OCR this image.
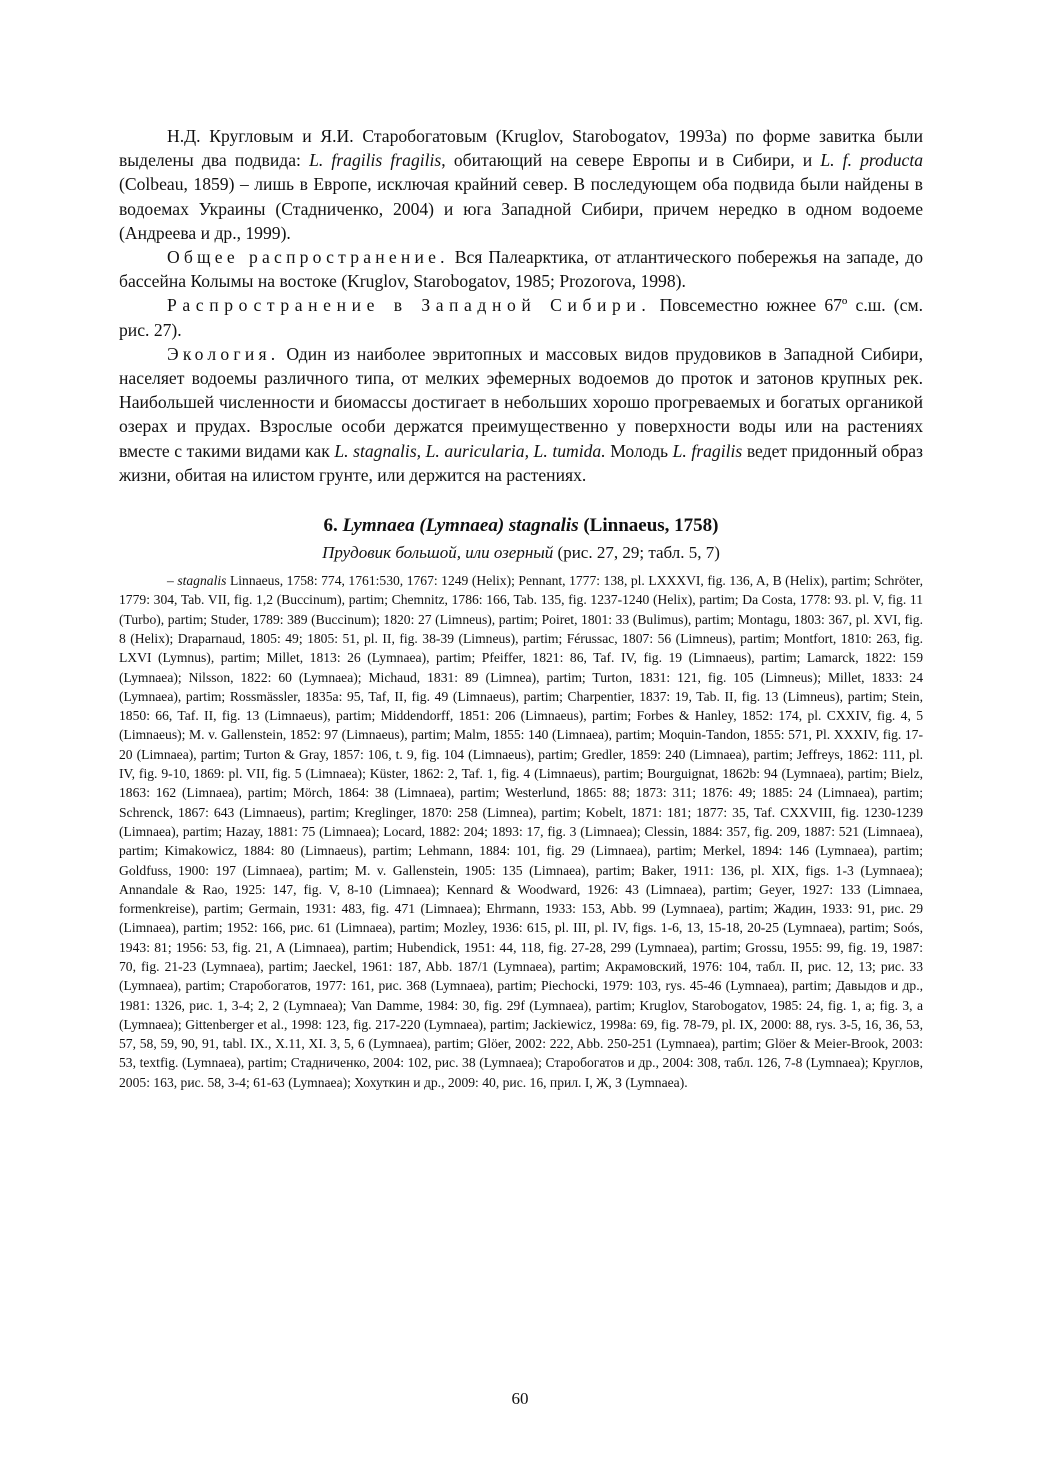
Н.Д. Кругловым и Я.И. Старобогатовым (Kruglov, Starobogatov, 1993a) по форме завитка были выделены два подвида: L. fragilis fragilis, обитающий на севере Европы и в Сибири, и L. f. producta (Colbeau, 1859) – лишь в Европе, исключая крайний север. В последующем оба подвида были найдены в водоемах Украины (Стадниченко, 2004) и юга Западной Сибири, причем нередко в одном водоеме (Андреева и др., 1999).

Общее распространение. Вся Палеарктика, от атлантического побережья на западе, до бассейна Колымы на востоке (Kruglov, Starobogatov, 1985; Prozorova, 1998).

Распространение в Западной Сибири. Повсеместно южнее 67º с.ш. (см. рис. 27).

Экология. Один из наиболее эвритопных и массовых видов прудовиков в Западной Сибири, населяет водоемы различного типа, от мелких эфемерных водоемов до проток и затонов крупных рек. Наибольшей численности и биомассы достигает в небольших хорошо прогреваемых и богатых органикой озерах и прудах. Взрослые особи держатся преимущественно у поверхности воды или на растениях вместе с такими видами как L. stagnalis, L. auricularia, L. tumida. Молодь L. fragilis ведет придонный образ жизни, обитая на илистом грунте, или держится на растениях.

6. Lymnaea (Lymnaea) stagnalis (Linnaeus, 1758)
Прудовик большой, или озерный (рис. 27, 29; табл. 5, 7)

– stagnalis Linnaeus, 1758: 774, 1761:530, 1767: 1249 (Helix); Pennant, 1777: 138, pl. LXXXVI, fig. 136, A, B (Helix), partim; Schröter, 1779: 304, Tab. VII, fig. 1,2 (Buccinum), partim; Chemnitz, 1786: 166, Tab. 135, fig. 1237-1240 (Helix), partim; Da Costa, 1778: 93. pl. V, fig. 11 (Turbo), partim; Studer, 1789: 389 (Buccinum); 1820: 27 (Limneus), partim; Poiret, 1801: 33 (Bulimus), partim; Montagu, 1803: 367, pl. XVI, fig. 8 (Helix); Draparnaud, 1805: 49; 1805: 51, pl. II, fig. 38-39 (Limneus), partim; Férussac, 1807: 56 (Limneus), partim; Montfort, 1810: 263, fig. LXVI (Lymnus), partim; Millet, 1813: 26 (Lymnaea), partim; Pfeiffer, 1821: 86, Taf. IV, fig. 19 (Limnaeus), partim; Lamarck, 1822: 159 (Lymnaea); Nilsson, 1822: 60 (Lymnaea); Michaud, 1831: 89 (Limnea), partim; Turton, 1831: 121, fig. 105 (Limneus); Millet, 1833: 24 (Lymnaea), partim; Rossmässler, 1835a: 95, Taf, II, fig. 49 (Limnaeus), partim; Charpentier, 1837: 19, Tab. II, fig. 13 (Limneus), partim; Stein, 1850: 66, Taf. II, fig. 13 (Limnaeus), partim; Middendorff, 1851: 206 (Limnaeus), partim; Forbes & Hanley, 1852: 174, pl. CXXIV, fig. 4, 5 (Limnaeus); M. v. Gallenstein, 1852: 97 (Limnaeus), partim; Malm, 1855: 140 (Limnaea), partim; Moquin-Tandon, 1855: 571, Pl. XXXIV, fig. 17-20 (Limnaea), partim; Turton & Gray, 1857: 106, t. 9, fig. 104 (Limnaeus), partim; Gredler, 1859: 240 (Limnaea), partim; Jeffreys, 1862: 111, pl. IV, fig. 9-10, 1869: pl. VII, fig. 5 (Limnaea); Küster, 1862: 2, Taf. 1, fig. 4 (Limnaeus), partim; Bourguignat, 1862b: 94 (Lymnaea), partim; Bielz, 1863: 162 (Limnaea), partim; Mörch, 1864: 38 (Limnaea), partim; Westerlund, 1865: 88; 1873: 311; 1876: 49; 1885: 24 (Limnaea), partim; Schrenck, 1867: 643 (Limnaeus), partim; Kreglinger, 1870: 258 (Limnea), partim; Kobelt, 1871: 181; 1877: 35, Taf. CXXVIII, fig. 1230-1239 (Limnaea), partim; Hazay, 1881: 75 (Limnaea); Locard, 1882: 204; 1893: 17, fig. 3 (Limnaea); Clessin, 1884: 357, fig. 209, 1887: 521 (Limnaea), partim; Kimakowicz, 1884: 80 (Limnaeus), partim; Lehmann, 1884: 101, fig. 29 (Limnaea), partim; Merkel, 1894: 146 (Lymnaea), partim; Goldfuss, 1900: 197 (Limnaea), partim; M. v. Gallenstein, 1905: 135 (Limnaea), partim; Baker, 1911: 136, pl. XIX, figs. 1-3 (Lymnaea); Annandale & Rao, 1925: 147, fig. V, 8-10 (Limnaea); Kennard & Woodward, 1926: 43 (Limnaea), partim; Geyer, 1927: 133 (Limnaea, formenkreise), partim; Germain, 1931: 483, fig. 471 (Limnaea); Ehrmann, 1933: 153, Abb. 99 (Lymnaea), partim; Жадин, 1933: 91, рис. 29 (Limnaea), partim; 1952: 166, рис. 61 (Limnaea), partim; Mozley, 1936: 615, pl. III, pl. IV, figs. 1-6, 13, 15-18, 20-25 (Lymnaea), partim; Soós, 1943: 81; 1956: 53, fig. 21, A (Limnaea), partim; Hubendick, 1951: 44, 118, fig. 27-28, 299 (Lymnaea), partim; Grossu, 1955: 99, fig. 19, 1987: 70, fig. 21-23 (Lymnaea), partim; Jaeckel, 1961: 187, Abb. 187/1 (Lymnaea), partim; Акрамовский, 1976: 104, табл. II, рис. 12, 13; рис. 33 (Lymnaea), partim; Старобогатов, 1977: 161, рис. 368 (Lymnaea), partim; Piechocki, 1979: 103, rys. 45-46 (Lymnaea), partim; Давыдов и др., 1981: 1326, рис. 1, 3-4; 2, 2 (Lymnaea); Van Damme, 1984: 30, fig. 29f (Lymnaea), partim; Kruglov, Starobogatov, 1985: 24, fig. 1, a; fig. 3, a (Lymnaea); Gittenberger et al., 1998: 123, fig. 217-220 (Lymnaea), partim; Jackiewicz, 1998a: 69, fig. 78-79, pl. IX, 2000: 88, rys. 3-5, 16, 36, 53, 57, 58, 59, 90, 91, tabl. IX., X.11, XI. 3, 5, 6 (Lymnaea), partim; Glöer, 2002: 222, Abb. 250-251 (Lymnaea), partim; Glöer & Meier-Brook, 2003: 53, textfig. (Lymnaea), partim; Стадниченко, 2004: 102, рис. 38 (Lymnaea); Старобогатов и др., 2004: 308, табл. 126, 7-8 (Lymnaea); Круглов, 2005: 163, рис. 58, 3-4; 61-63 (Lymnaea); Хохуткин и др., 2009: 40, рис. 16, прил. I, Ж, З (Lymnaea).

60
